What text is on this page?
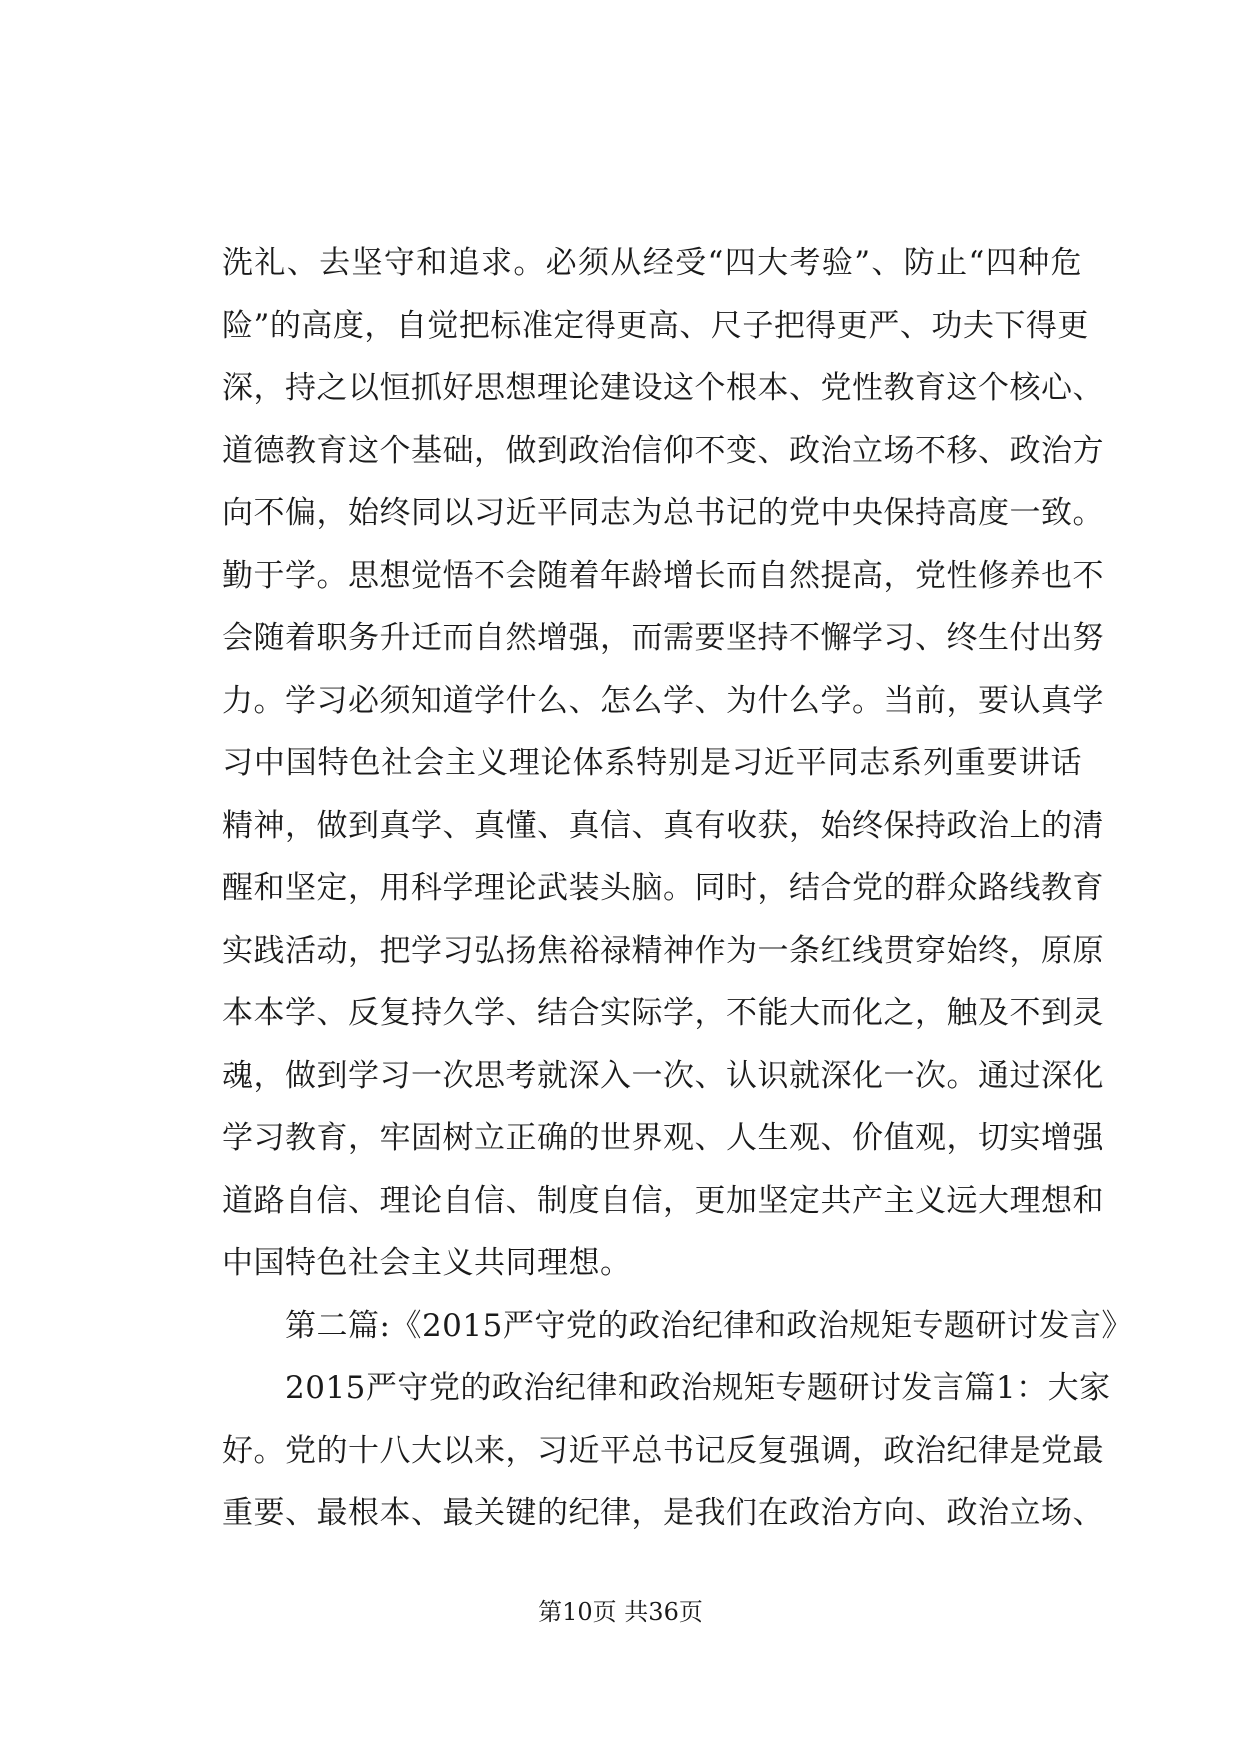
洗礼、去坚守和追求。必须从经受“四大考验”、防止“四种危
险”的高度，自觉把标准定得更高、尺子把得更严、功夫下得更
深，持之以恒抓好思想理论建设这个根本、党性教育这个核心、
道德教育这个基础，做到政治信仰不变、政治立场不移、政治方
向不偏，始终同以习近平同志为总书记的党中央保持高度一致。
勤于学。思想觉悟不会随着年龄增长而自然提高，党性修养也不
会随着职务升迁而自然增强，而需要坚持不懈学习、终生付出努
力。学习必须知道学什么、怎么学、为什么学。当前，要认真学
习中国特色社会主义理论体系特别是习近平同志系列重要讲话
精神，做到真学、真懂、真信、真有收获，始终保持政治上的清
醒和坚定，用科学理论武装头脑。同时，结合党的群众路线教育
实践活动，把学习弘扬焦裕禄精神作为一条红线贯穿始终，原原
本本学、反复持久学、结合实际学，不能大而化之，触及不到灵
魂，做到学习一次思考就深入一次、认识就深化一次。通过深化
学习教育，牢固树立正确的世界观、人生观、价值观，切实增强
道路自信、理论自信、制度自信，更加坚定共产主义远大理想和
中国特色社会主义共同理想。
　　第二篇:《2015严守党的政治纪律和政治规矩专题研讨发言》
　　2015严守党的政治纪律和政治规矩专题研讨发言篇1：大家
好。党的十八大以来，习近平总书记反复强调，政治纪律是党最
重要、最根本、最关键的纪律，是我们在政治方向、政治立场、
第10页 共36页
